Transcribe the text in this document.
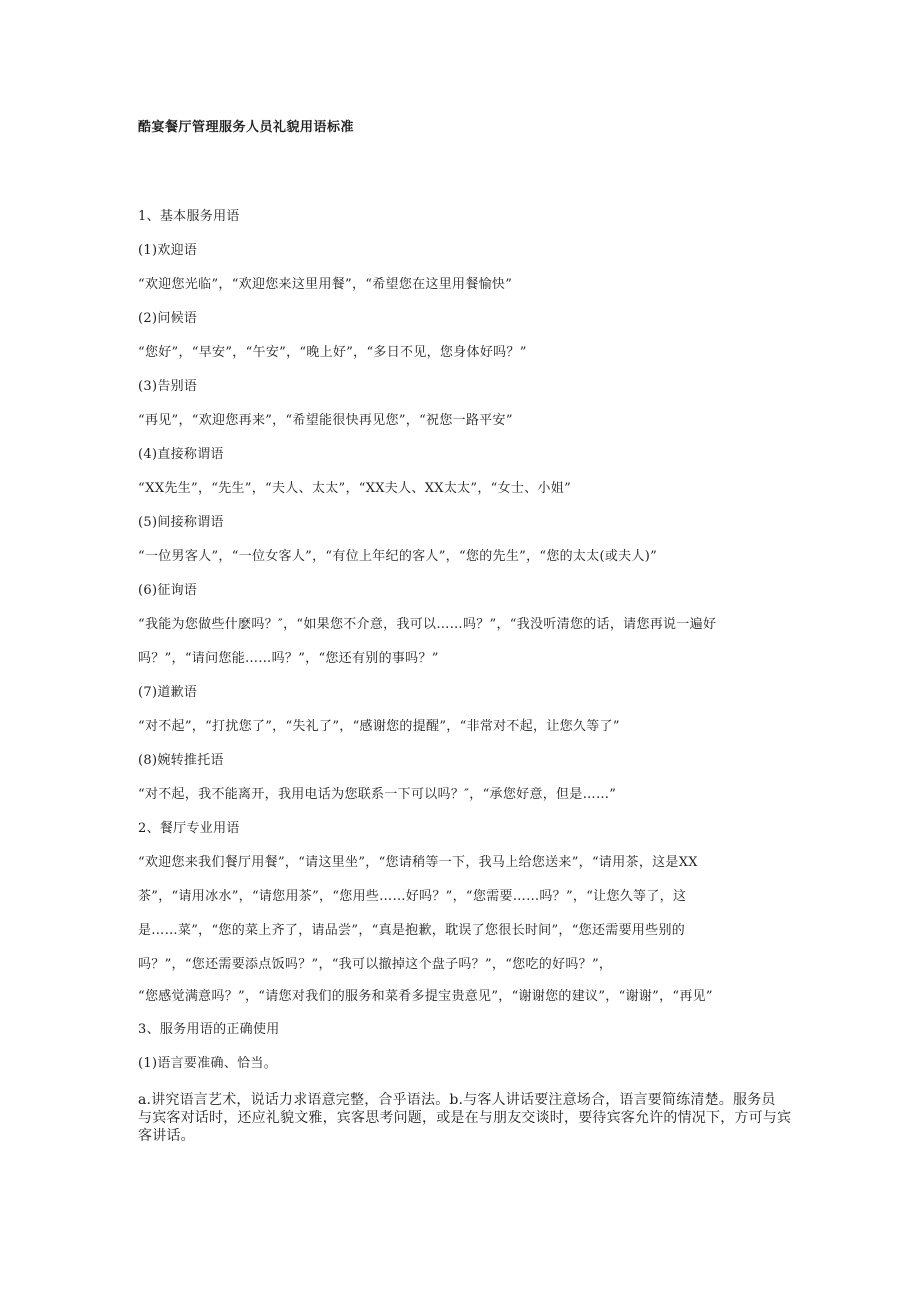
酷宴餐厅管理服务人员礼貌用语标准
1、基本服务用语
(1)欢迎语
“欢迎您光临”，“欢迎您来这里用餐”，“希望您在这里用餐愉快”
(2)问候语
“您好”，“早安”，“午安”，“晚上好”，“多日不见，您身体好吗？”
(3)告别语
“再见”，“欢迎您再来”，“希望能很快再见您”，“祝您一路平安”
(4)直接称谓语
“XX先生”，“先生”，“夫人、太太”，“XX夫人、XX太太”，“女士、小姐”
(5)间接称谓语
“一位男客人”，“一位女客人”，“有位上年纪的客人”，“您的先生”，“您的太太(或夫人)”
(6)征询语
“我能为您做些什麽吗？″，“如果您不介意，我可以……吗？”，“我没听清您的话，请您再说一遍好
吗？”，“请问您能……吗？”，“您还有别的事吗？”
(7)道歉语
“对不起”，“打扰您了”，“失礼了”，“感谢您的提醒”，“非常对不起，让您久等了”
(8)婉转推托语
“对不起，我不能离开，我用电话为您联系一下可以吗？″，“承您好意，但是……”
2、餐厅专业用语
“欢迎您来我们餐厅用餐”，“请这里坐”，“您请稍等一下，我马上给您送来”，“请用茶，这是XX
茶”，“请用冰水”，“请您用茶”，“您用些……好吗？”，“您需要……吗？”，“让您久等了，这
是……菜”，“您的菜上齐了，请品尝”，“真是抱歉，耽误了您很长时间”，“您还需要用些别的
吗？”，“您还需要添点饭吗？”，“我可以撤掉这个盘子吗？”，“您吃的好吗？”，
“您感觉满意吗？”，“请您对我们的服务和菜肴多提宝贵意见”，“谢谢您的建议”，“谢谢”，“再见”
3、服务用语的正确使用
(1)语言要准确、恰当。
a.讲究语言艺术，说话力求语意完整，合乎语法。b.与客人讲话要注意场合，语言要简练清楚。服务员
与宾客对话时，还应礼貌文雅，宾客思考问题，或是在与朋友交谈时，要待宾客允许的情况下，方可与宾
客讲话。
